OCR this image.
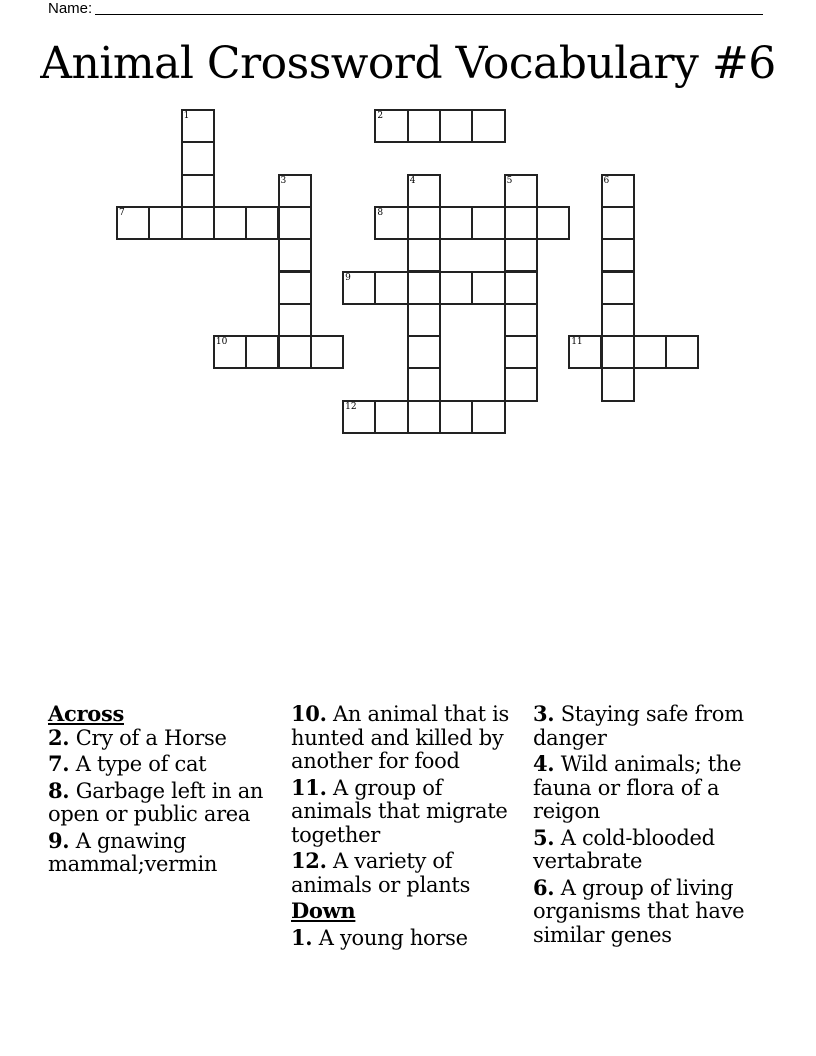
Name:
Animal Crossword Vocabulary #6
1	2
3	4	5	6
7	8
9
10	11
12
Across
2. Cry of a Horse
7. A type of cat
8. Garbage left in an open or public area
9. A gnawing mammal;vermin
10. An animal that is hunted and killed by another for food
11. A group of animals that migrate together
12. A variety of animals or plants
Down
1. A young horse
3. Staying safe from danger
4. Wild animals; the fauna or flora of a reigon
5. A cold-blooded vertabrate
6. A group of living organisms that have similar genes
